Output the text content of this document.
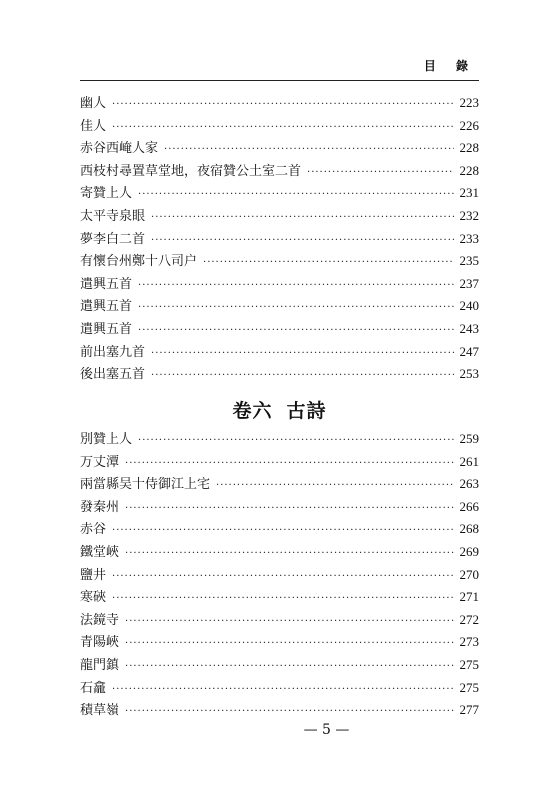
目 錄
幽人 ·····	223
佳人 ·····	226
赤谷西崦人家 ·····	228
西枝村尋置草堂地，夜宿贊公土室二首 ·····	228
寄贊上人 ·····	231
太平寺泉眼 ·····	232
夢李白二首 ·····	233
有懷台州鄭十八司户 ·····	235
遣興五首 ·····	237
遣興五首 ·····	240
遣興五首 ·····	243
前出塞九首 ·····	247
後出塞五首 ·····	253
卷六 古詩
別贊上人 ·····	259
万丈潭 ·····	261
兩當縣吴十侍御江上宅 ·····	263
發秦州 ·····	266
赤谷 ·····	268
鐵堂峽 ·····	269
鹽井 ·····	270
寒硤 ·····	271
法鏡寺 ·····	272
青陽峽 ·····	273
龍門鎮 ·····	275
石龕 ·····	275
積草嶺 ·····	277
— 5 —
